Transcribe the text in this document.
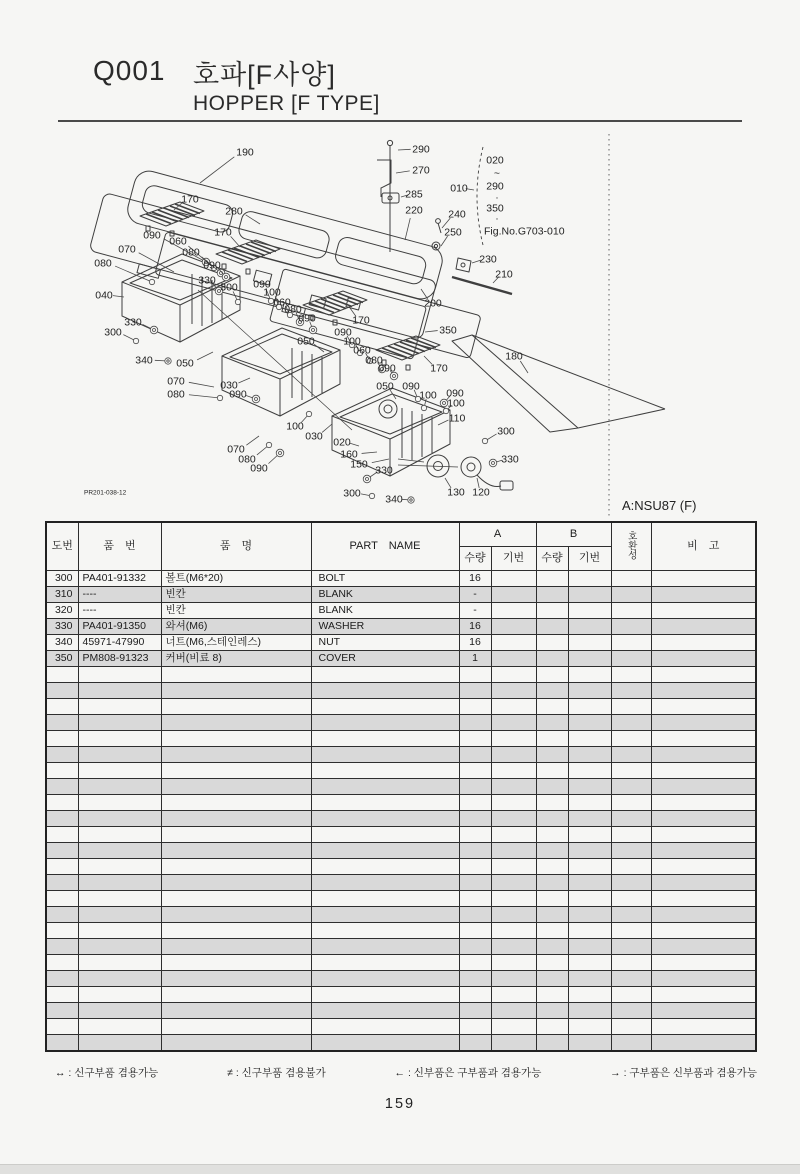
Q001 호파[F사양]
HOPPER [F TYPE]
190	290
270
285
220 240
250
010
020
~
290
·
350
·
Fig.No.G703-010
280
230
210
200
350
180
170
090 060
080
070
080	090
330
300
040
330
300
340 050
070	030
080	090
170
090
100
060
080
090	170
050
090
100
060
080
090	170
100
030
070
080
090
050 090
100 090
100
110
020
160
150 330
300 340
300
330
130 120
PR201-038-12
A:NSU87 (F)
도번	품 번	품 명	PART NAME	A		B		호환성	비 고
				수량	기번	수량	기번		
300	PA401-91332	볼트(M6*20)	BOLT	16					
310	----	빈칸	BLANK	-					
320	----	빈칸	BLANK	-					
330	PA401-91350	와셔(M6)	WASHER	16					
340	45971-47990	너트(M6,스테인레스)	NUT	16					
350	PM808-91323	커버(비료 8)	COVER	1					

↔ : 신구부품 겸용가능	≠ : 신구부품 겸용불가	← : 신부품은 구부품과 겸용가능	→ : 구부품은 신부품과 겸용가능
159
